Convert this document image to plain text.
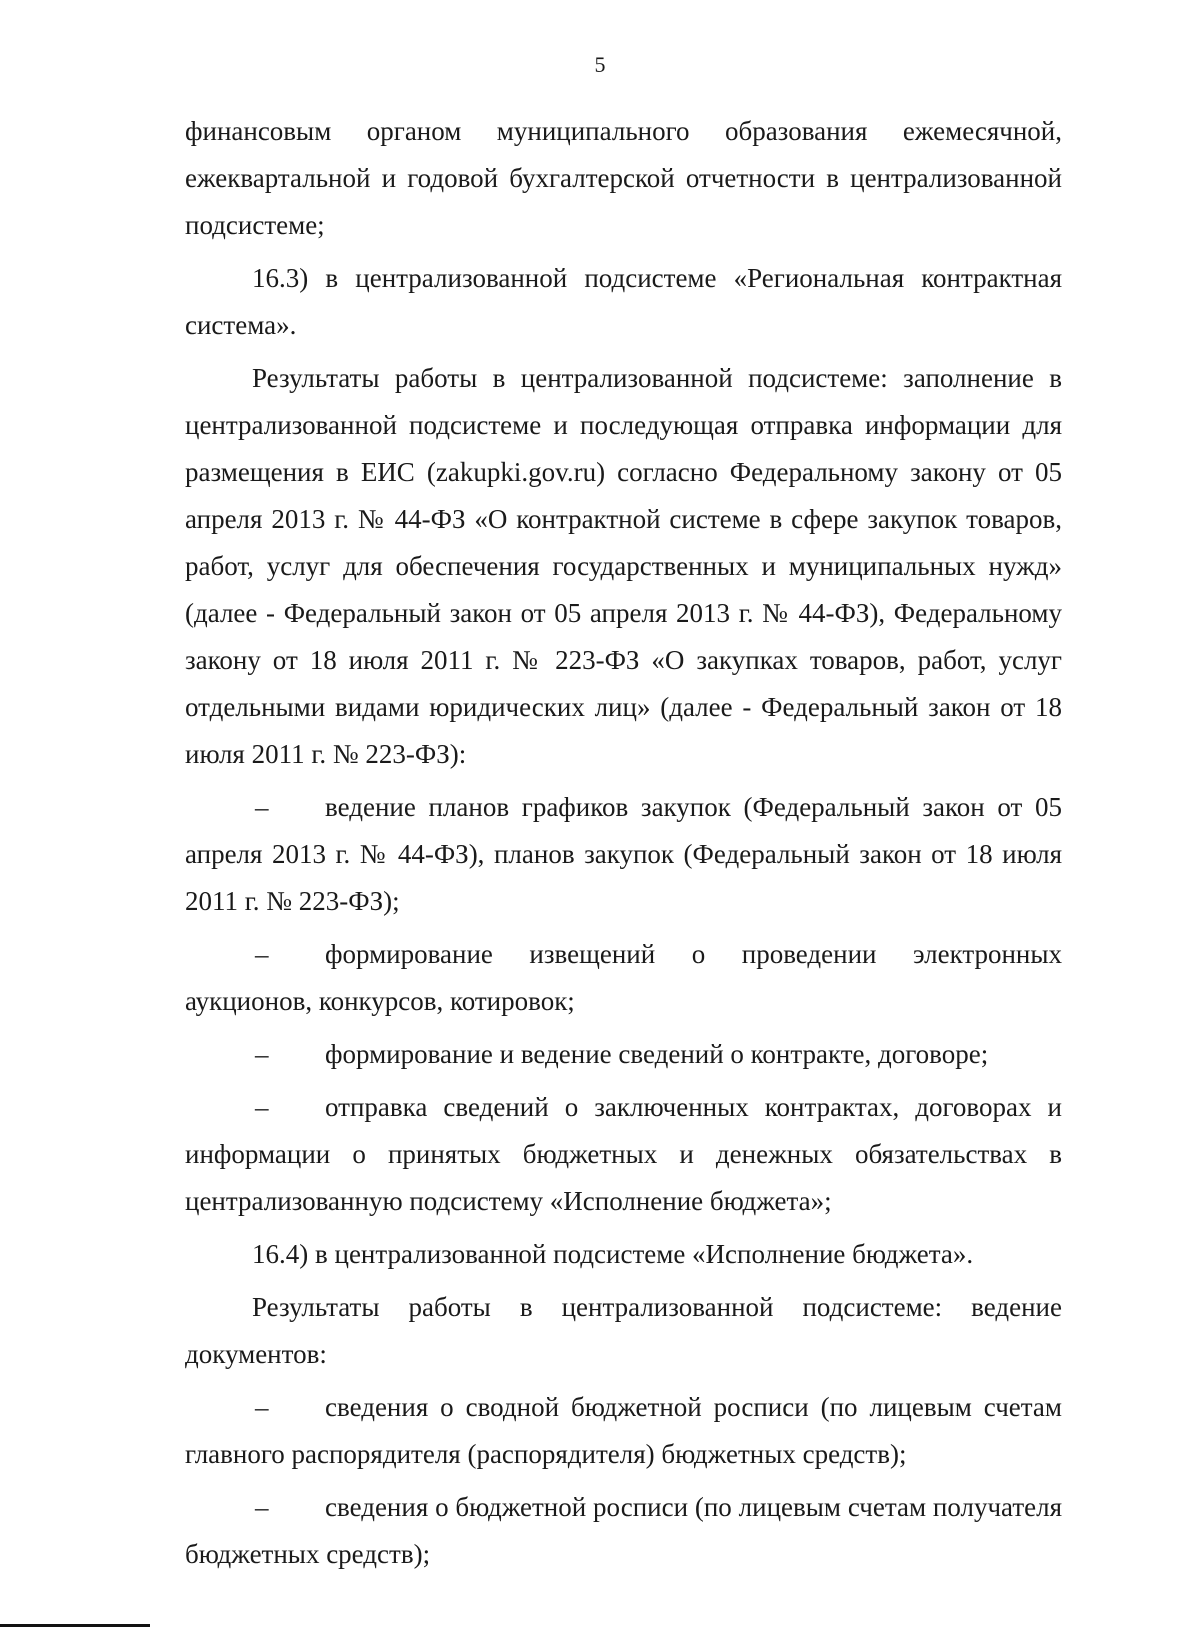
5

финансовым органом муниципального образования ежемесячной, ежеквартальной и годовой бухгалтерской отчетности в централизованной подсистеме;

16.3) в централизованной подсистеме «Региональная контрактная система».

Результаты работы в централизованной подсистеме: заполнение в централизованной подсистеме и последующая отправка информации для размещения в ЕИС (zakupki.gov.ru) согласно Федеральному закону от 05 апреля 2013 г. № 44-ФЗ «О контрактной системе в сфере закупок товаров, работ, услуг для обеспечения государственных и муниципальных нужд» (далее - Федеральный закон от 05 апреля 2013 г. № 44-ФЗ), Федеральному закону от 18 июля 2011 г. № 223-ФЗ «О закупках товаров, работ, услуг отдельными видами юридических лиц» (далее - Федеральный закон от 18 июля 2011 г. № 223-ФЗ):

– ведение планов графиков закупок (Федеральный закон от 05 апреля 2013 г. № 44-ФЗ), планов закупок (Федеральный закон от 18 июля 2011 г. № 223-ФЗ);

– формирование извещений о проведении электронных аукционов, конкурсов, котировок;

– формирование и ведение сведений о контракте, договоре;

– отправка сведений о заключенных контрактах, договорах и информации о принятых бюджетных и денежных обязательствах в централизованную подсистему «Исполнение бюджета»;

16.4) в централизованной подсистеме «Исполнение бюджета».

Результаты работы в централизованной подсистеме: ведение документов:

– сведения о сводной бюджетной росписи (по лицевым счетам главного распорядителя (распорядителя) бюджетных средств);

– сведения о бюджетной росписи (по лицевым счетам получателя бюджетных средств);
